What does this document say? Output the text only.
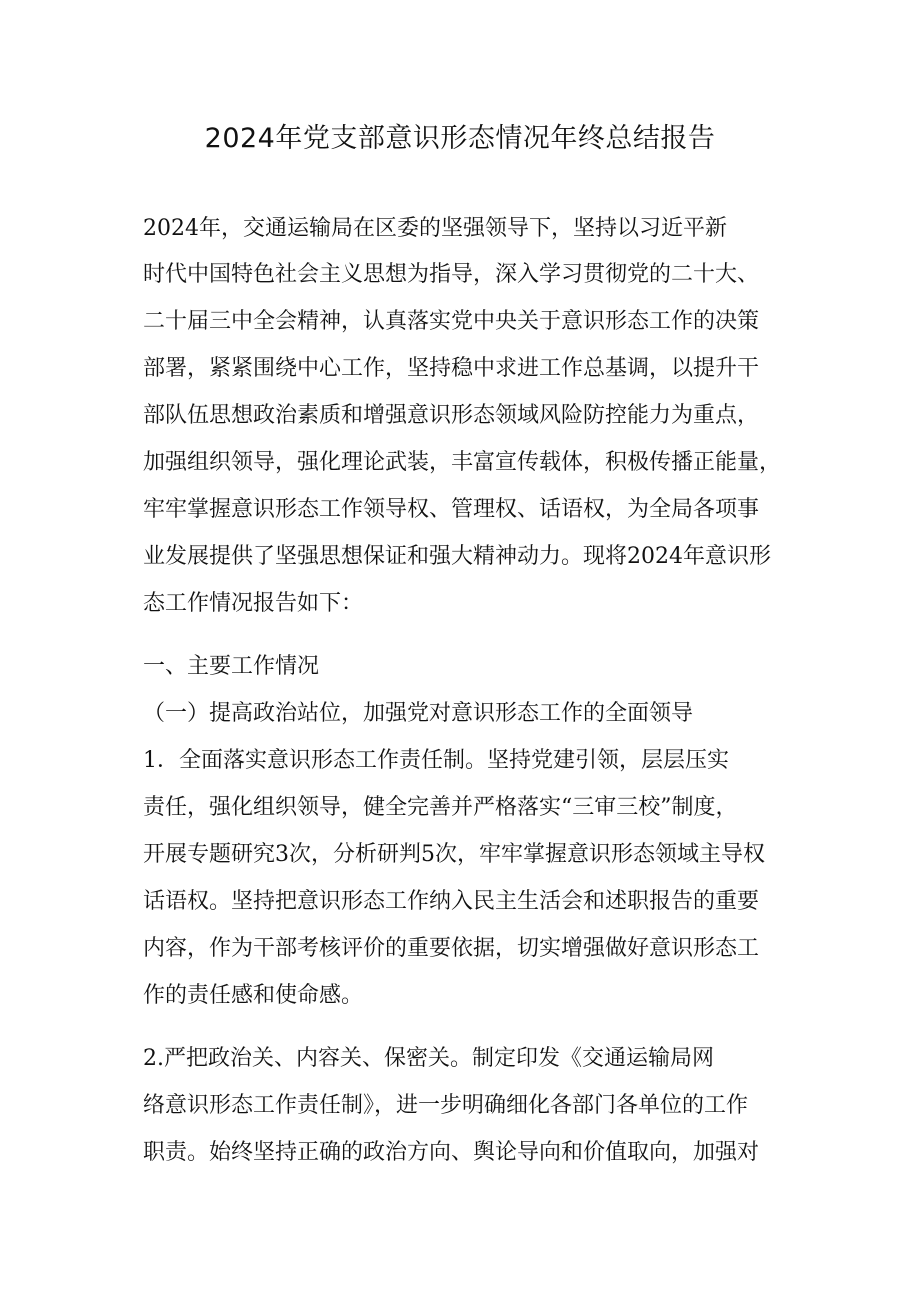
2024年党支部意识形态情况年终总结报告

2024年，交通运输局在区委的坚强领导下，坚持以习近平新

时代中国特色社会主义思想为指导，深入学习贯彻党的二十大、

二十届三中全会精神，认真落实党中央关于意识形态工作的决策

部署，紧紧围绕中心工作，坚持稳中求进工作总基调，以提升干

部队伍思想政治素质和增强意识形态领域风险防控能力为重点，

加强组织领导，强化理论武装，丰富宣传载体，积极传播正能量，

牢牢掌握意识形态工作领导权、管理权、话语权，为全局各项事

业发展提供了坚强思想保证和强大精神动力。现将2024年意识形

态工作情况报告如下：

一、主要工作情况

（一）提高政治站位，加强党对意识形态工作的全面领导

1．全面落实意识形态工作责任制。坚持党建引领，层层压实

责任，强化组织领导，健全完善并严格落实“三审三校”制度，

开展专题研究3次，分析研判5次，牢牢掌握意识形态领域主导权

话语权。坚持把意识形态工作纳入民主生活会和述职报告的重要

内容，作为干部考核评价的重要依据，切实增强做好意识形态工

作的责任感和使命感。

2.严把政治关、内容关、保密关。制定印发《交通运输局网

络意识形态工作责任制》，进一步明确细化各部门各单位的工作

职责。始终坚持正确的政治方向、舆论导向和价值取向，加强对
